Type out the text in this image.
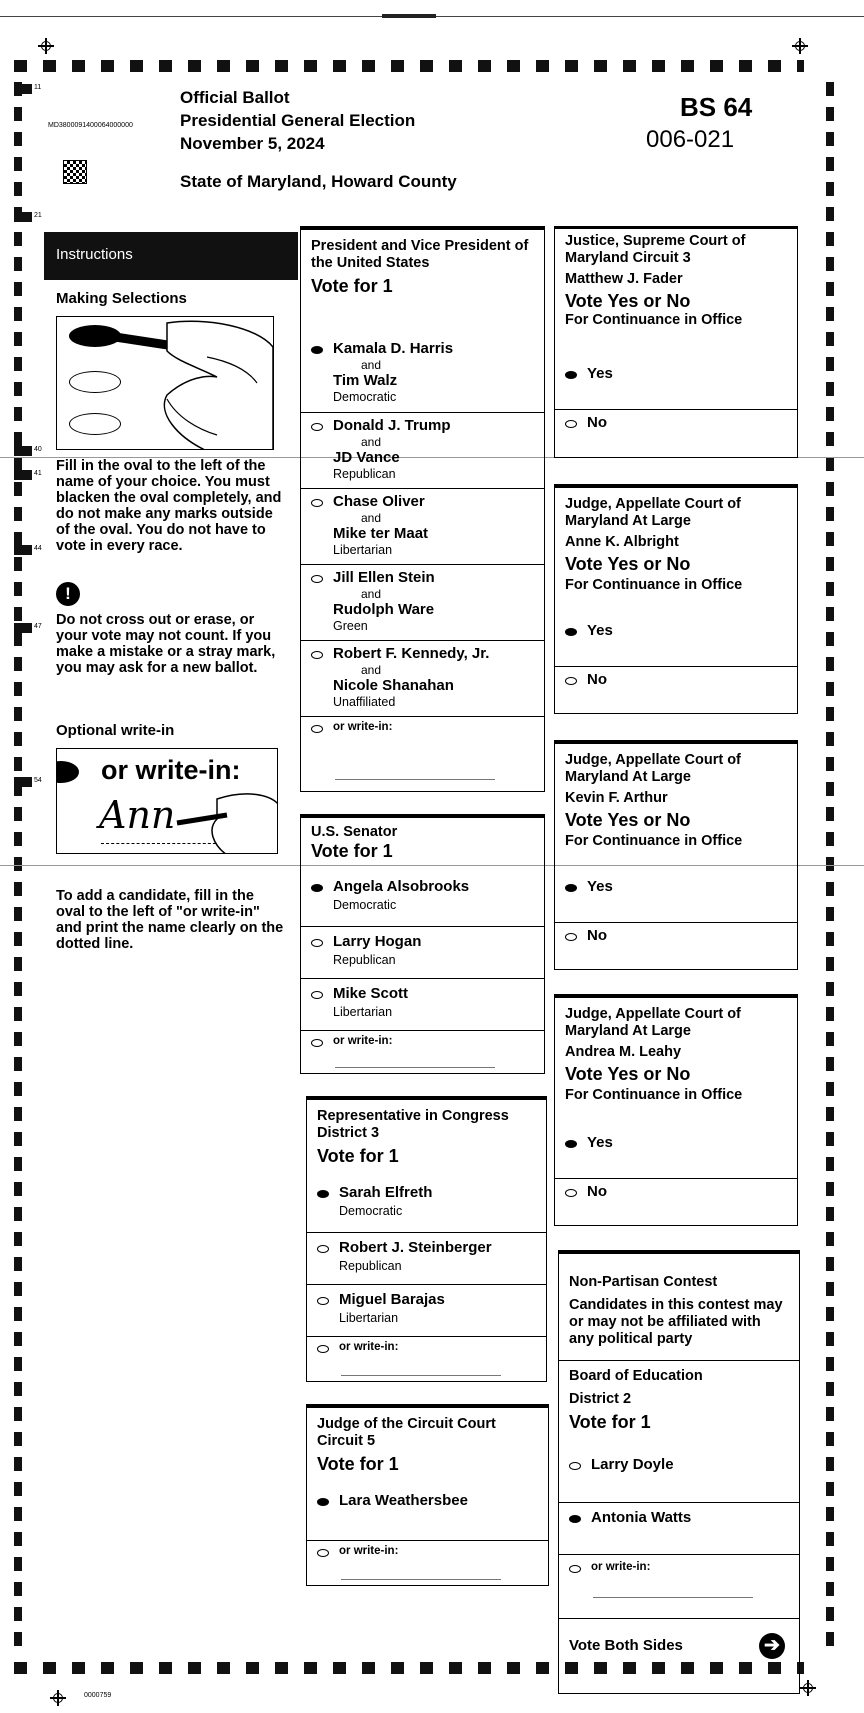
11
21
40
41
44
47
54
Official Ballot
Presidential General Election
November 5, 2024
State of Maryland, Howard County
MD3800091400064000000
BS 64
006-021
Instructions
Making Selections
Fill in the oval to the left of the name of your choice. You must blacken the oval completely, and do not make any marks outside of the oval. You do not have to vote in every race.
!
Do not cross out or erase, or your vote may not count. If you make a mistake or a stray mark, you may ask for a new ballot.
Optional write-in
or write-in:
Ann
To add a candidate, fill in the oval to the left of "or write-in" and print the name clearly on the dotted line.
President and Vice President of the United States
Vote for 1
Kamala D. Harris
and
Tim Walz
Democratic
Donald J. Trump
and
JD Vance
Republican
Chase Oliver
and
Mike ter Maat
Libertarian
Jill Ellen Stein
and
Rudolph Ware
Green
Robert F. Kennedy, Jr.
and
Nicole Shanahan
Unaffiliated
or write-in:
U.S. Senator
Vote for 1
Angela Alsobrooks
Democratic
Larry Hogan
Republican
Mike Scott
Libertarian
or write-in:
Representative in Congress District 3
Vote for 1
Sarah Elfreth
Democratic
Robert J. Steinberger
Republican
Miguel Barajas
Libertarian
or write-in:
Judge of the Circuit Court Circuit 5
Vote for 1
Lara Weathersbee
or write-in:
Justice, Supreme Court of Maryland Circuit 3
Matthew J. Fader
Vote Yes or No
For Continuance in Office
Yes
No
Judge, Appellate Court of Maryland At Large
Anne K. Albright
Vote Yes or No
For Continuance in Office
Yes
No
Judge, Appellate Court of Maryland At Large
Kevin F. Arthur
Vote Yes or No
For Continuance in Office
Yes
No
Judge, Appellate Court of Maryland At Large
Andrea M. Leahy
Vote Yes or No
For Continuance in Office
Yes
No
Non-Partisan Contest
Candidates in this contest may or may not be affiliated with any political party
Board of Education
District 2
Vote for 1
Larry Doyle
Antonia Watts
or write-in:
Vote Both Sides	➔
0000759
